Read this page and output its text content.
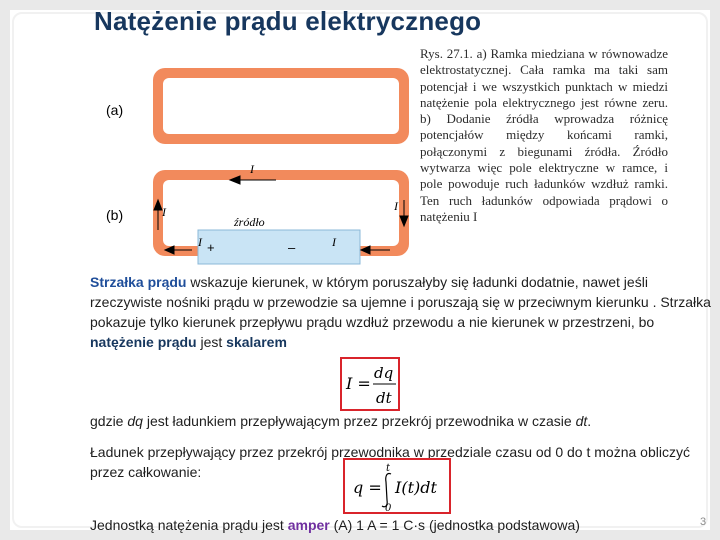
Natężenie prądu elektrycznego
(a)
(b)
I
I	I
I	I
źródło
+	–
Rys. 27.1. a) Ramka miedziana w równowadze elektrostatycznej. Cała ramka ma taki sam potencjał i we wszystkich punktach w miedzi natężenie pola elektrycznego jest równe zeru. b) Dodanie źródła wprowadza różnicę potencjałów między końcami ramki, połączonymi z biegunami źródła. Źródło wytwarza więc pole elektryczne w ramce, i pole powoduje ruch ładunków wzdłuż ramki. Ten ruch ładunków odpowiada prądowi o natężeniu I
Strzałka prądu wskazuje kierunek, w którym poruszałyby się ładunki dodatnie, nawet jeśli rzeczywiste nośniki prądu w przewodzie sa ujemne i poruszają się w przeciwnym kierunku . Strzałka pokazuje tylko kierunek przepływu prądu wzdłuż przewodu a nie kierunek w przestrzeni, bo natężenie prądu jest skalarem
I =
dq
dt
gdzie dq jest ładunkiem przepływającym przez przekrój przewodnika w czasie dt.
Ładunek przepływający przez przekrój przewodnika w przedziale czasu od 0 do t można obliczyć przez całkowanie:
q =
t
0
I(t)dt
Jednostką natężenia prądu jest amper (A) 1 A = 1 C·s (jednostka podstawowa)	3
